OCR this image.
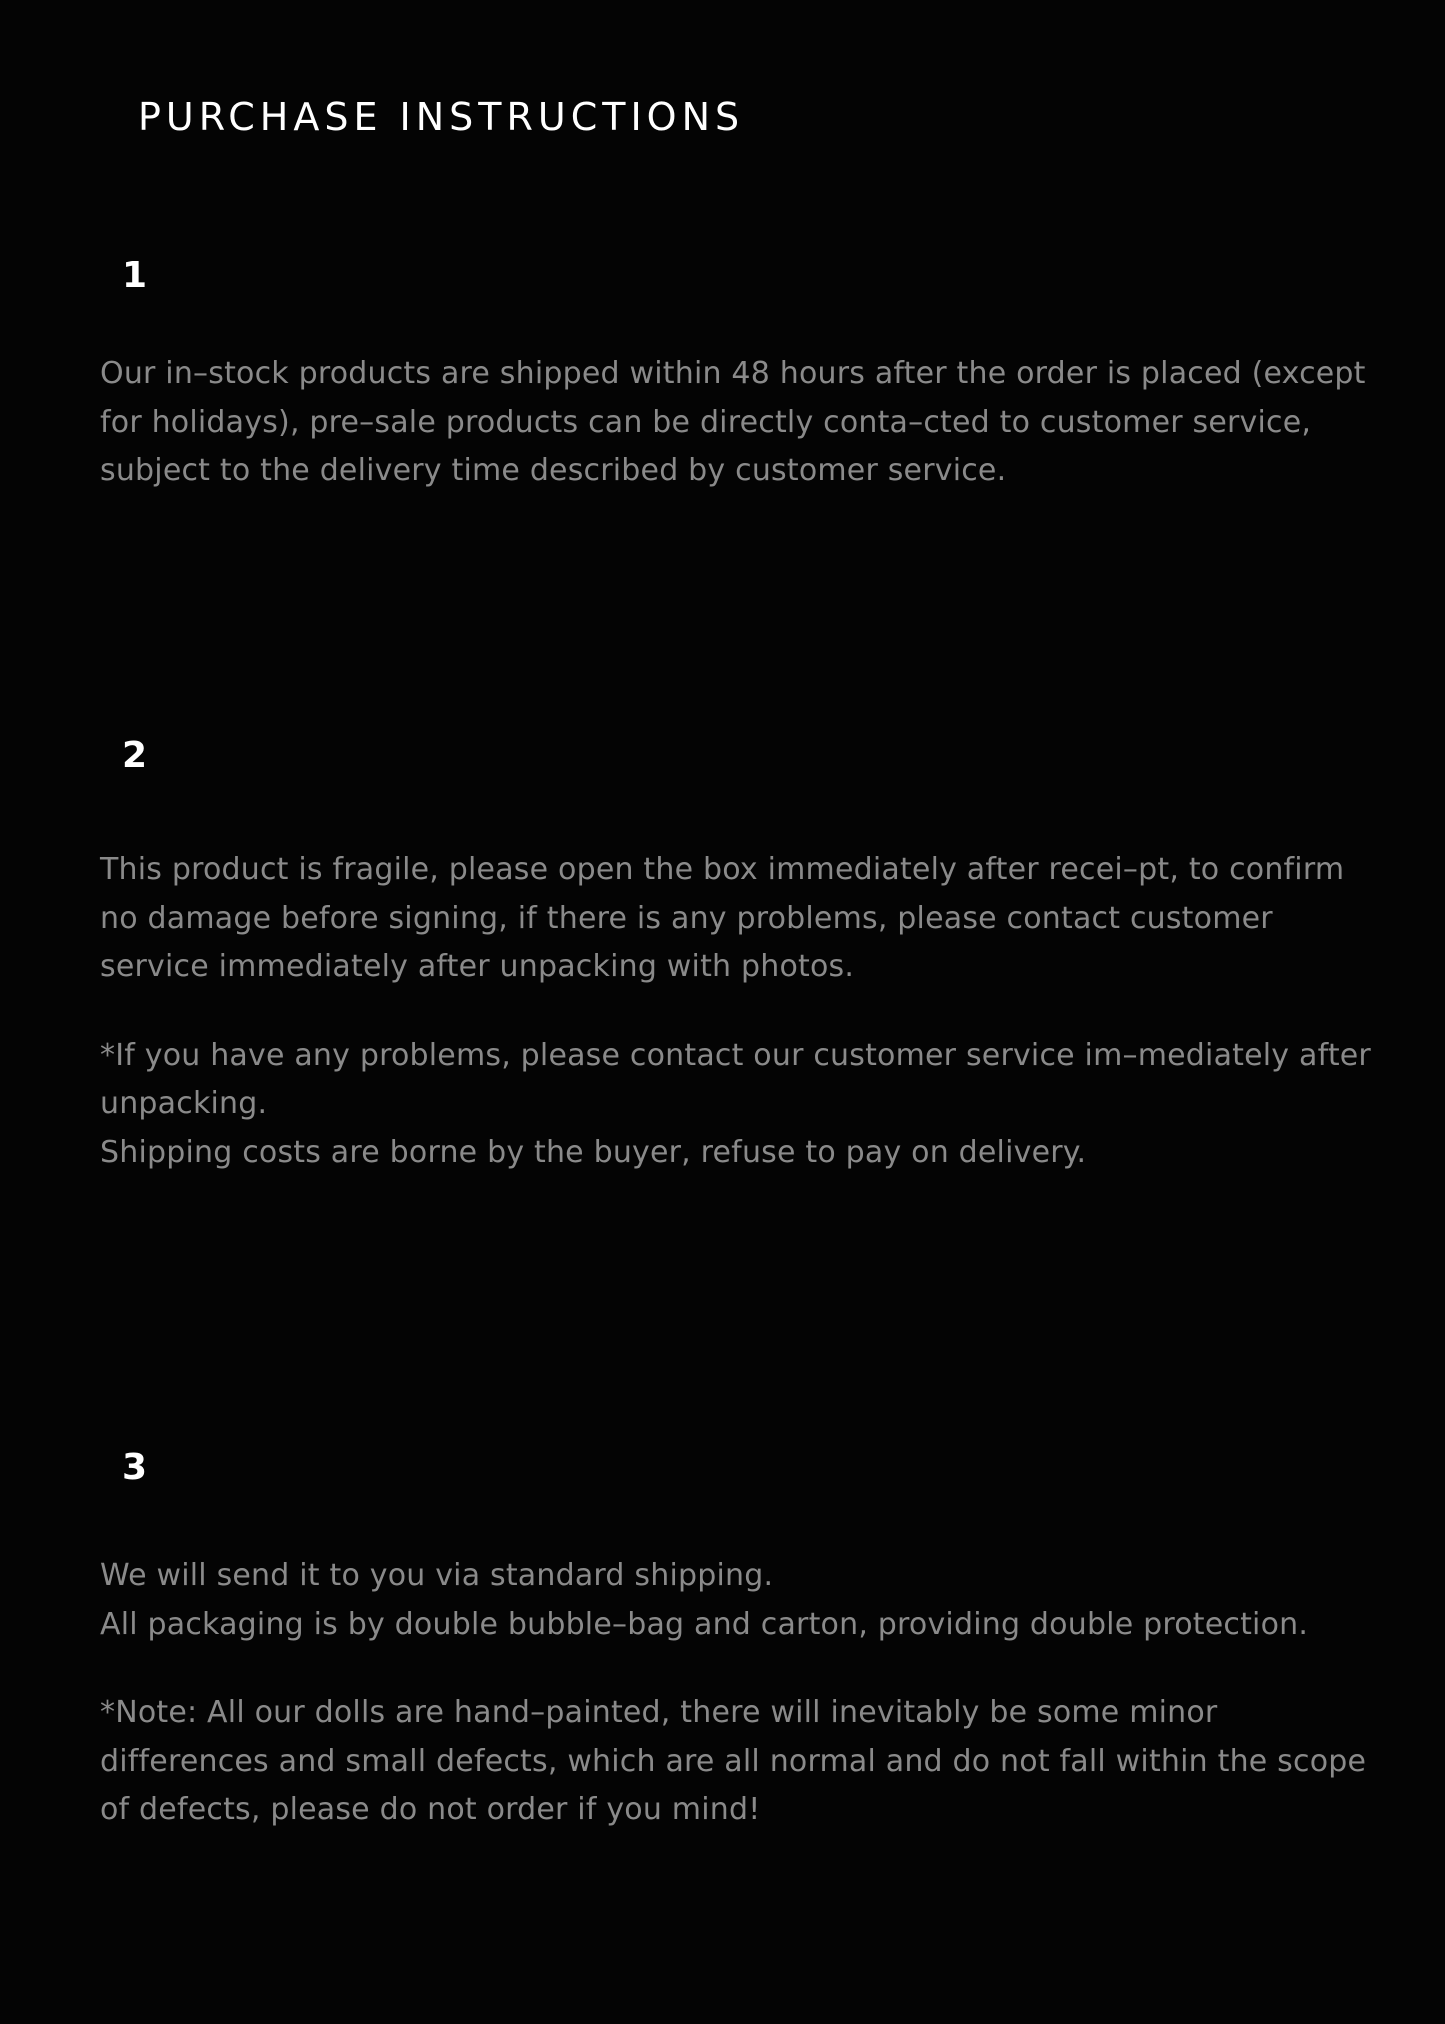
PURCHASE INSTRUCTIONS
1

Our in–stock products are shipped within 48 hours after the order is placed (except for holidays), pre–sale products can be directly conta–cted to customer service, subject to the delivery time described by customer service.

2

This product is fragile, please open the box immediately after recei–pt, to confirm no damage before signing, if there is any problems, please contact customer service immediately after unpacking with photos.

*If you have any problems, please contact our customer service im–mediately after unpacking.
Shipping costs are borne by the buyer, refuse to pay on delivery.

3

We will send it to you via standard shipping.
All packaging is by double bubble–bag and carton, providing double protection.

*Note: All our dolls are hand–painted, there will inevitably be some minor differences and small defects, which are all normal and do not fall within the scope of defects, please do not order if you mind!
